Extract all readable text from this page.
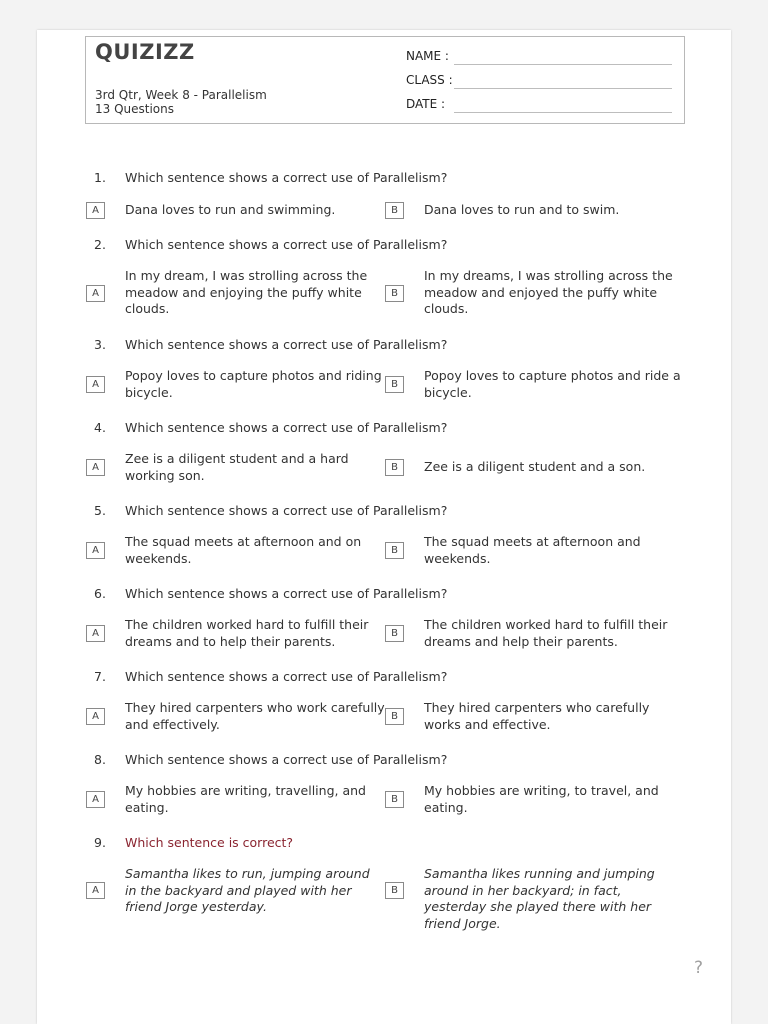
QUIZIZZ
3rd Qtr, Week 8 - Parallelism
13 Questions
NAME :
CLASS :
DATE :
1. Which sentence shows a correct use of Parallelism?
A	Dana loves to run and swimming.	B	Dana loves to run and to swim.
2. Which sentence shows a correct use of Parallelism?
A
In my dream, I was strolling across the meadow and enjoying the puffy white clouds.
B
In my dreams, I was strolling across the meadow and enjoyed the puffy white clouds.
3. Which sentence shows a correct use of Parallelism?
A
Popoy loves to capture photos and riding bicycle.	B
Popoy loves to capture photos and ride a bicycle.
4. Which sentence shows a correct use of Parallelism?
A
Zee is a diligent student and a hard working son.	B	Zee is a diligent student and a son.
5. Which sentence shows a correct use of Parallelism?
A
The squad meets at afternoon and on weekends.	B
The squad meets at afternoon and weekends.
6. Which sentence shows a correct use of Parallelism?
A
The children worked hard to fulfill their dreams and to help their parents.	B
The children worked hard to fulfill their dreams and help their parents.
7. Which sentence shows a correct use of Parallelism?
A
They hired carpenters who work carefully and effectively.	B
They hired carpenters who carefully works and effective.
8. Which sentence shows a correct use of Parallelism?
A
My hobbies are writing, travelling, and eating.	B
My hobbies are writing, to travel, and eating.
9. Which sentence is correct?
A
Samantha likes to run, jumping around in the backyard and played with her friend Jorge yesterday.
B
Samantha likes running and jumping around in her backyard; in fact, yesterday she played there with her friend Jorge.
?
